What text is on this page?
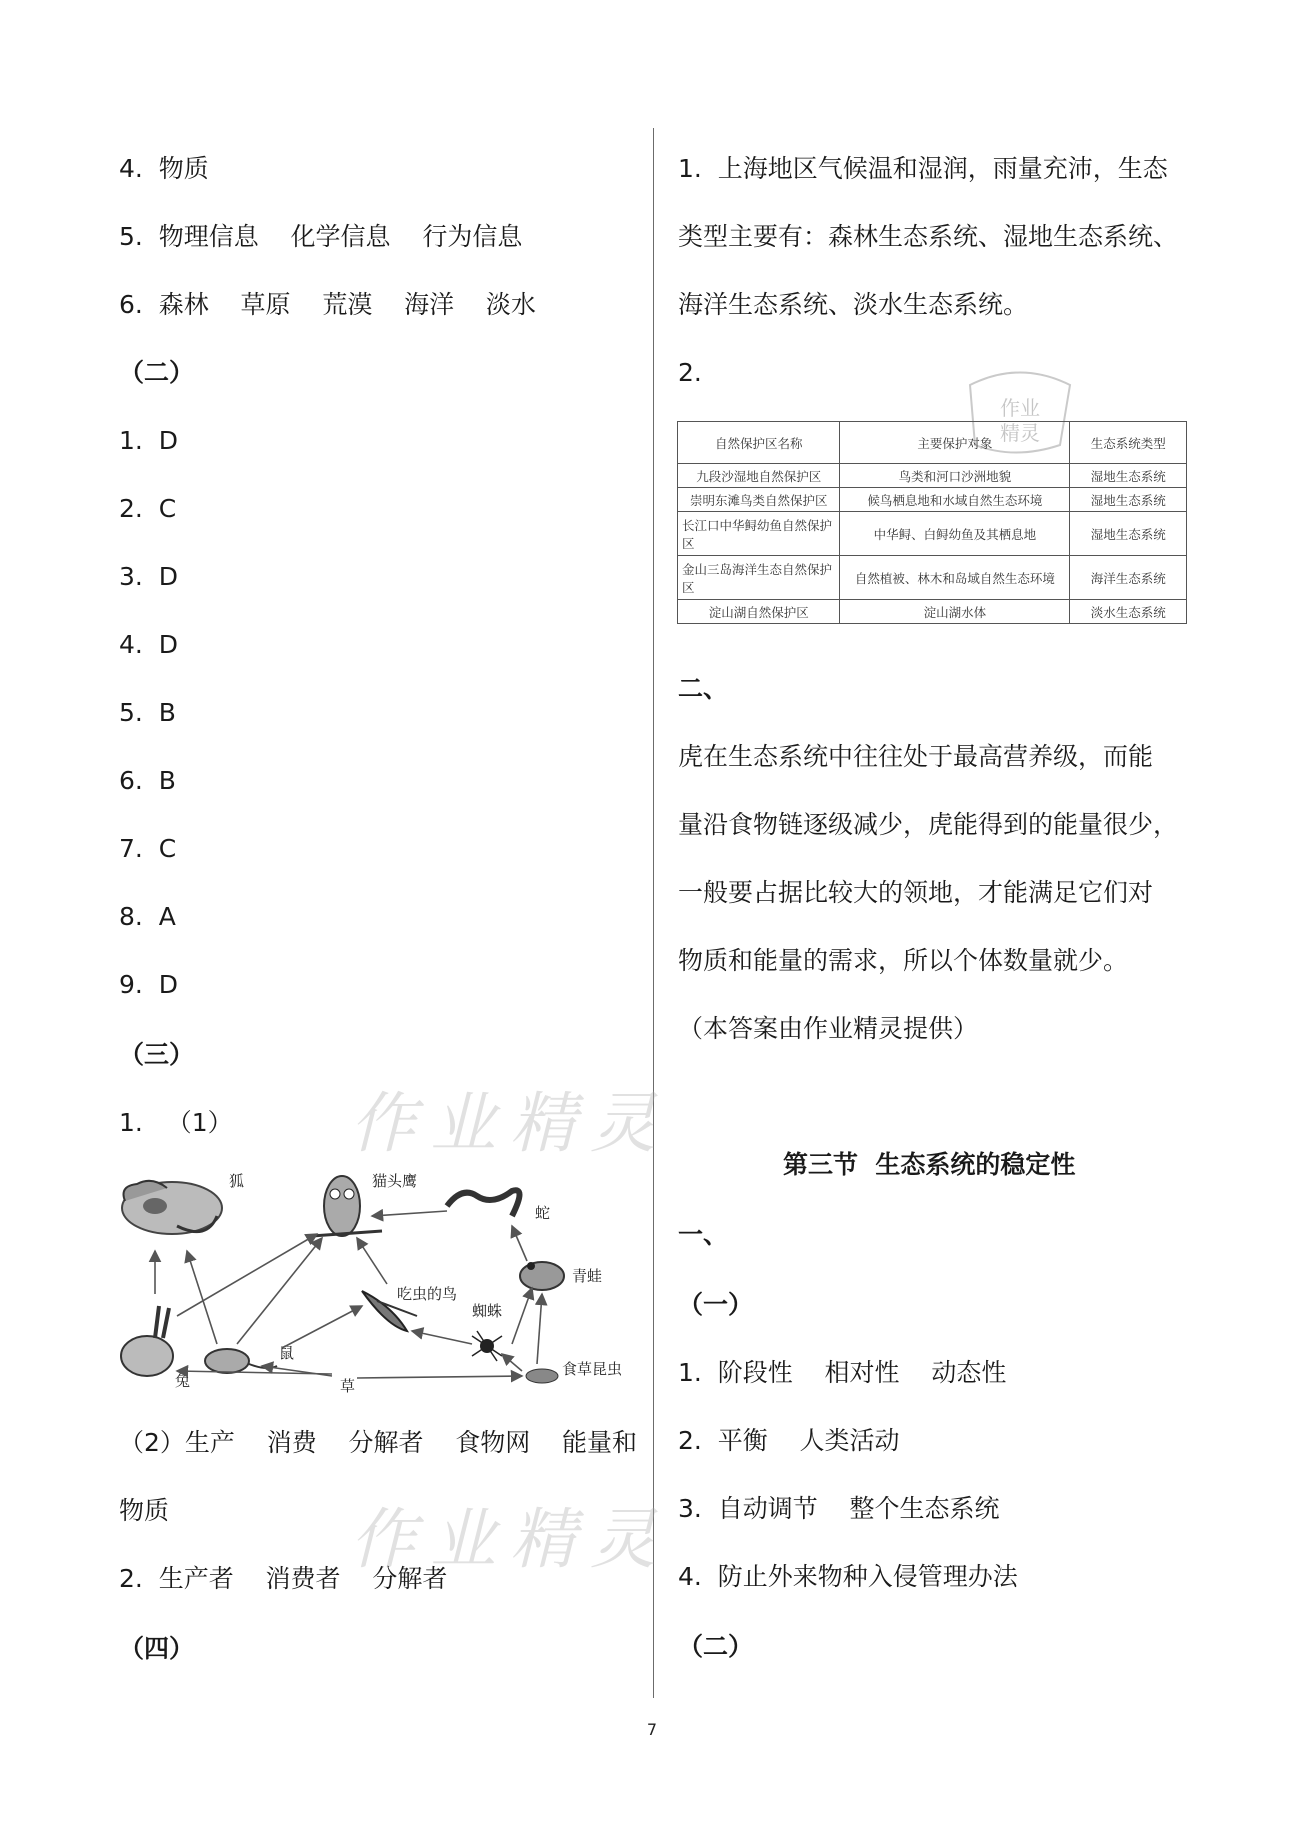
4.  物质
5.  物理信息    化学信息    行为信息
6.  森林    草原    荒漠    海洋    淡水
（二）
1.  D
2.  C
3.  D
4.  D
5.  B
6.  B
7.  C
8.  A
9.  D
（三）
1.   （1）
狐	猫头鹰
蛇
青蛙
吃虫的鸟
蜘蛛
兔
鼠
草
食草昆虫
（2）生产    消费    分解者    食物网    能量和
物质
2.  生产者    消费者    分解者
（四）
作业精灵
作业精灵
1.  上海地区气候温和湿润，雨量充沛，生态
类型主要有：森林生态系统、湿地生态系统、
海洋生态系统、淡水生态系统。
2.
作业
精灵
自然保护区名称	主要保护对象	生态系统类型
九段沙湿地自然保护区	鸟类和河口沙洲地貌	湿地生态系统
崇明东滩鸟类自然保护区	候鸟栖息地和水域自然生态环境	湿地生态系统
长江口中华鲟幼鱼自然保护区	中华鲟、白鲟幼鱼及其栖息地	湿地生态系统
金山三岛海洋生态自然保护区	自然植被、林木和岛域自然生态环境	海洋生态系统
淀山湖自然保护区	淀山湖水体	淡水生态系统
二、
虎在生态系统中往往处于最高营养级，而能
量沿食物链逐级减少，虎能得到的能量很少，
一般要占据比较大的领地，才能满足它们对
物质和能量的需求，所以个体数量就少。
（本答案由作业精灵提供）
第三节  生态系统的稳定性
一、
（一）
1.  阶段性    相对性    动态性
2.  平衡    人类活动
3.  自动调节    整个生态系统
4.  防止外来物种入侵管理办法
（二）
7
